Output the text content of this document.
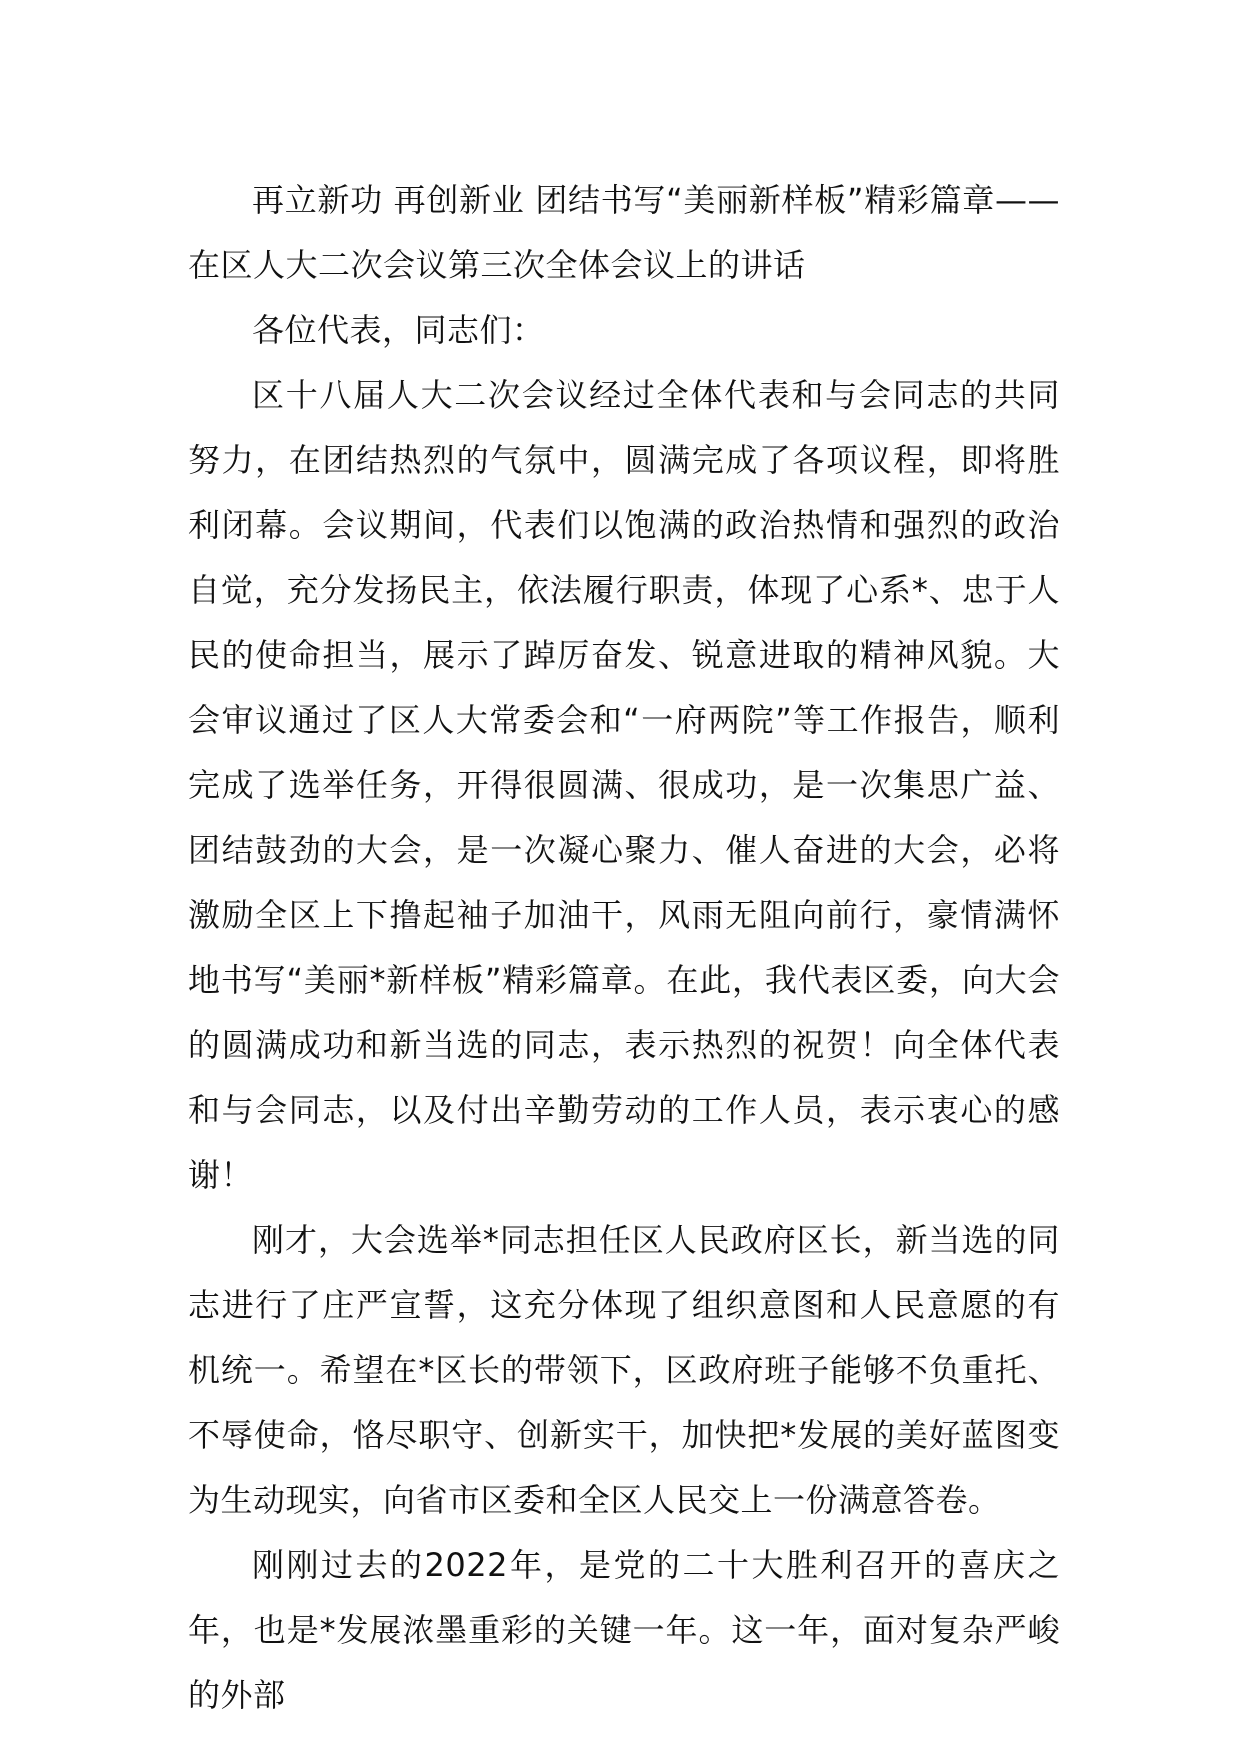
再立新功 再创新业 团结书写“美丽新样板”精彩篇章——在区人大二次会议第三次全体会议上的讲话

各位代表，同志们：

区十八届人大二次会议经过全体代表和与会同志的共同努力，在团结热烈的气氛中，圆满完成了各项议程，即将胜利闭幕。会议期间，代表们以饱满的政治热情和强烈的政治自觉，充分发扬民主，依法履行职责，体现了心系*、忠于人民的使命担当，展示了踔厉奋发、锐意进取的精神风貌。大会审议通过了区人大常委会和“一府两院”等工作报告，顺利完成了选举任务，开得很圆满、很成功，是一次集思广益、团结鼓劲的大会，是一次凝心聚力、催人奋进的大会，必将激励全区上下撸起袖子加油干，风雨无阻向前行，豪情满怀地书写“美丽*新样板”精彩篇章。在此，我代表区委，向大会的圆满成功和新当选的同志，表示热烈的祝贺！向全体代表和与会同志，以及付出辛勤劳动的工作人员，表示衷心的感谢！

刚才，大会选举*同志担任区人民政府区长，新当选的同志进行了庄严宣誓，这充分体现了组织意图和人民意愿的有机统一。希望在*区长的带领下，区政府班子能够不负重托、不辱使命，恪尽职守、创新实干，加快把*发展的美好蓝图变为生动现实，向省市区委和全区人民交上一份满意答卷。

刚刚过去的2022年，是党的二十大胜利召开的喜庆之年，也是*发展浓墨重彩的关键一年。这一年，面对复杂严峻的外部
